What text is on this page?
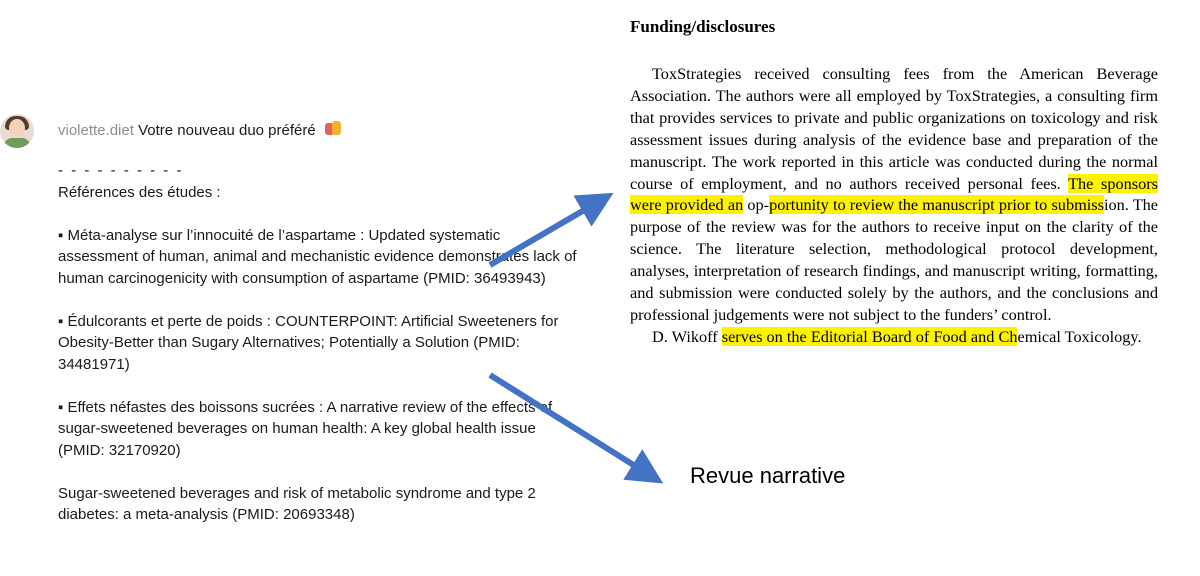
violette.diet Votre nouveau duo préféré
- - - - - - - - - -

Références des études :

▪ Méta-analyse sur l’innocuité de l’aspartame : Updated systematic assessment of human, animal and mechanistic evidence demonstrates lack of human carcinogenicity with consumption of aspartame (PMID: 36493943)

▪ Édulcorants et perte de poids : COUNTERPOINT: Artificial Sweeteners for Obesity-Better than Sugary Alternatives; Potentially a Solution (PMID: 34481971)

▪ Effets néfastes des boissons sucrées : A narrative review of the effects of sugar-sweetened beverages on human health: A key global health issue (PMID: 32170920)

Sugar-sweetened beverages and risk of metabolic syndrome and type 2 diabetes: a meta-analysis (PMID: 20693348)

Funding/disclosures

ToxStrategies received consulting fees from the American Beverage Association. The authors were all employed by ToxStrategies, a consulting firm that provides services to private and public organizations on toxicology and risk assessment issues during analysis of the evidence base and preparation of the manuscript. The work reported in this article was conducted during the normal course of employment, and no authors received personal fees. The sponsors were provided an op-portunity to review the manuscript prior to submission. The purpose of the review was for the authors to receive input on the clarity of the science. The literature selection, methodological protocol development, analyses, interpretation of research findings, and manuscript writing, formatting, and submission were conducted solely by the authors, and the conclusions and professional judgements were not subject to the funders’ control.

D. Wikoff serves on the Editorial Board of Food and Chemical Toxicology.

Revue narrative
